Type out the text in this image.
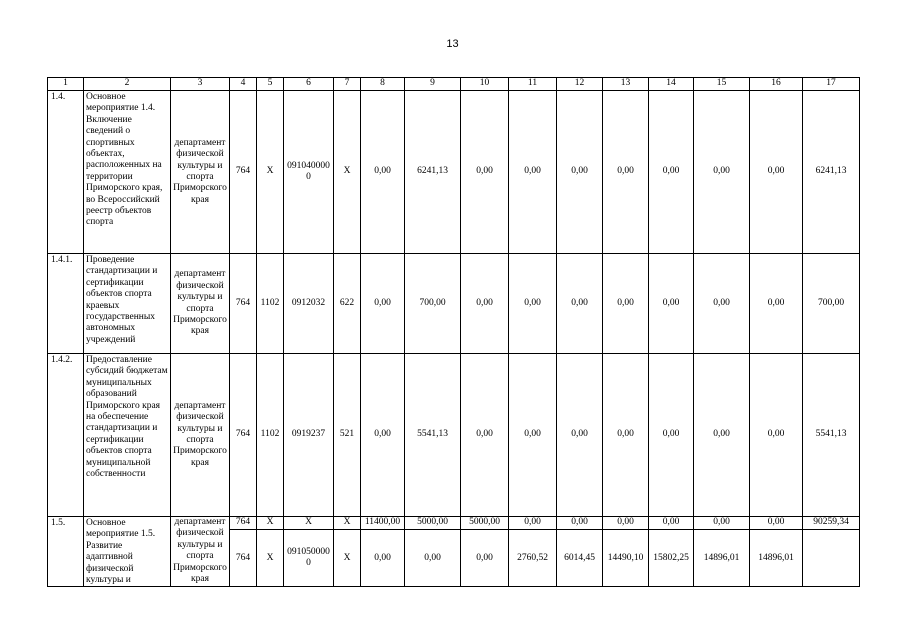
13
1	2	3	4	5	6	7	8	9	10	11	12	13	14	15	16	17
1.4.	Основное мероприятие 1.4. Включение сведений о спортивных объектах, расположенных на территории Приморского края, во Всероссийский реестр объектов спорта	департамент физической культуры и спорта Приморского края	764	X	0910400000	X	0,00	6241,13	0,00	0,00	0,00	0,00	0,00	0,00	0,00	6241,13
1.4.1.	Проведение стандартизации и сертификации объектов спорта краевых государственных автономных учреждений	департамент физической культуры и спорта Приморского края	764	1102	0912032	622	0,00	700,00	0,00	0,00	0,00	0,00	0,00	0,00	0,00	700,00
1.4.2.	Предоставление субсидий бюджетам муниципальных образований Приморского края на обеспечение стандартизации и сертификации объектов спорта муниципальной собственности	департамент физической культуры и спорта Приморского края	764	1102	0919237	521	0,00	5541,13	0,00	0,00	0,00	0,00	0,00	0,00	0,00	5541,13
1.5.	Основное мероприятие 1.5. Развитие адаптивной физической культуры и	департамент физической культуры и спорта Приморского края	764	X	X	X	11400,00	5000,00	5000,00	0,00	0,00	0,00	0,00	0,00	0,00	90259,34
			764	X	0910500000	X	0,00	0,00	0,00	2760,52	6014,45	14490,10	15802,25	14896,01	14896,01	
